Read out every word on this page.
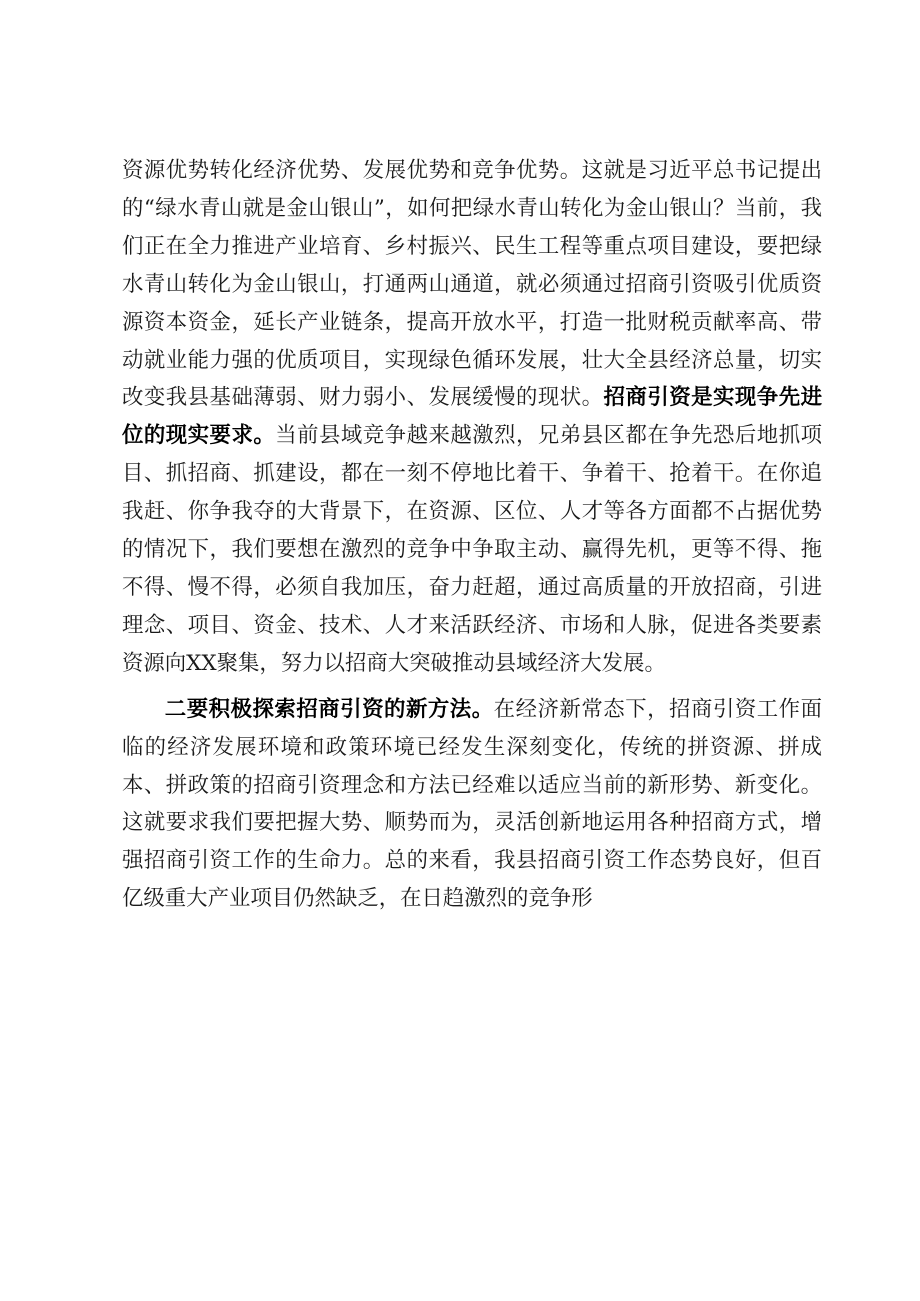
资源优势转化经济优势、发展优势和竞争优势。这就是习近平总书记提出的“绿水青山就是金山银山”，如何把绿水青山转化为金山银山？当前，我们正在全力推进产业培育、乡村振兴、民生工程等重点项目建设，要把绿水青山转化为金山银山，打通两山通道，就必须通过招商引资吸引优质资源资本资金，延长产业链条，提高开放水平，打造一批财税贡献率高、带动就业能力强的优质项目，实现绿色循环发展，壮大全县经济总量，切实改变我县基础薄弱、财力弱小、发展缓慢的现状。招商引资是实现争先进位的现实要求。当前县域竞争越来越激烈，兄弟县区都在争先恐后地抓项目、抓招商、抓建设，都在一刻不停地比着干、争着干、抢着干。在你追我赶、你争我夺的大背景下，在资源、区位、人才等各方面都不占据优势的情况下，我们要想在激烈的竞争中争取主动、赢得先机，更等不得、拖不得、慢不得，必须自我加压，奋力赶超，通过高质量的开放招商，引进理念、项目、资金、技术、人才来活跃经济、市场和人脉，促进各类要素资源向XX聚集，努力以招商大突破推动县域经济大发展。

二要积极探索招商引资的新方法。在经济新常态下，招商引资工作面临的经济发展环境和政策环境已经发生深刻变化，传统的拼资源、拼成本、拼政策的招商引资理念和方法已经难以适应当前的新形势、新变化。这就要求我们要把握大势、顺势而为，灵活创新地运用各种招商方式，增强招商引资工作的生命力。总的来看，我县招商引资工作态势良好，但百亿级重大产业项目仍然缺乏，在日趋激烈的竞争形
